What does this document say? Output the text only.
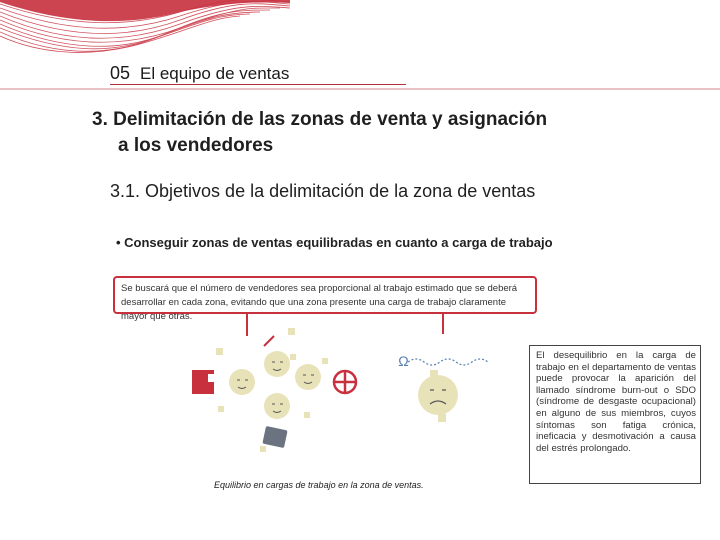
05 El equipo de ventas
3. Delimitación de las zonas de venta y asignación
a los vendedores
3.1. Objetivos de la delimitación de la zona de ventas
• Conseguir zonas de ventas equilibradas en cuanto a carga de trabajo
Se buscará que el número de vendedores sea proporcional al trabajo estimado que se deberá desarrollar en cada zona, evitando que una zona presente una carga de trabajo claramente mayor que otras.
Ω
Equilibrio en cargas de trabajo en la zona de ventas.
El desequilibrio en la carga de trabajo en el departamento de ventas puede provocar la aparición del llamado síndrome burn-out o SDO (síndrome de desgaste ocupacional) en alguno de sus miembros, cuyos síntomas son fatiga crónica, ineficacia y desmotivación a causa del estrés prolongado.
